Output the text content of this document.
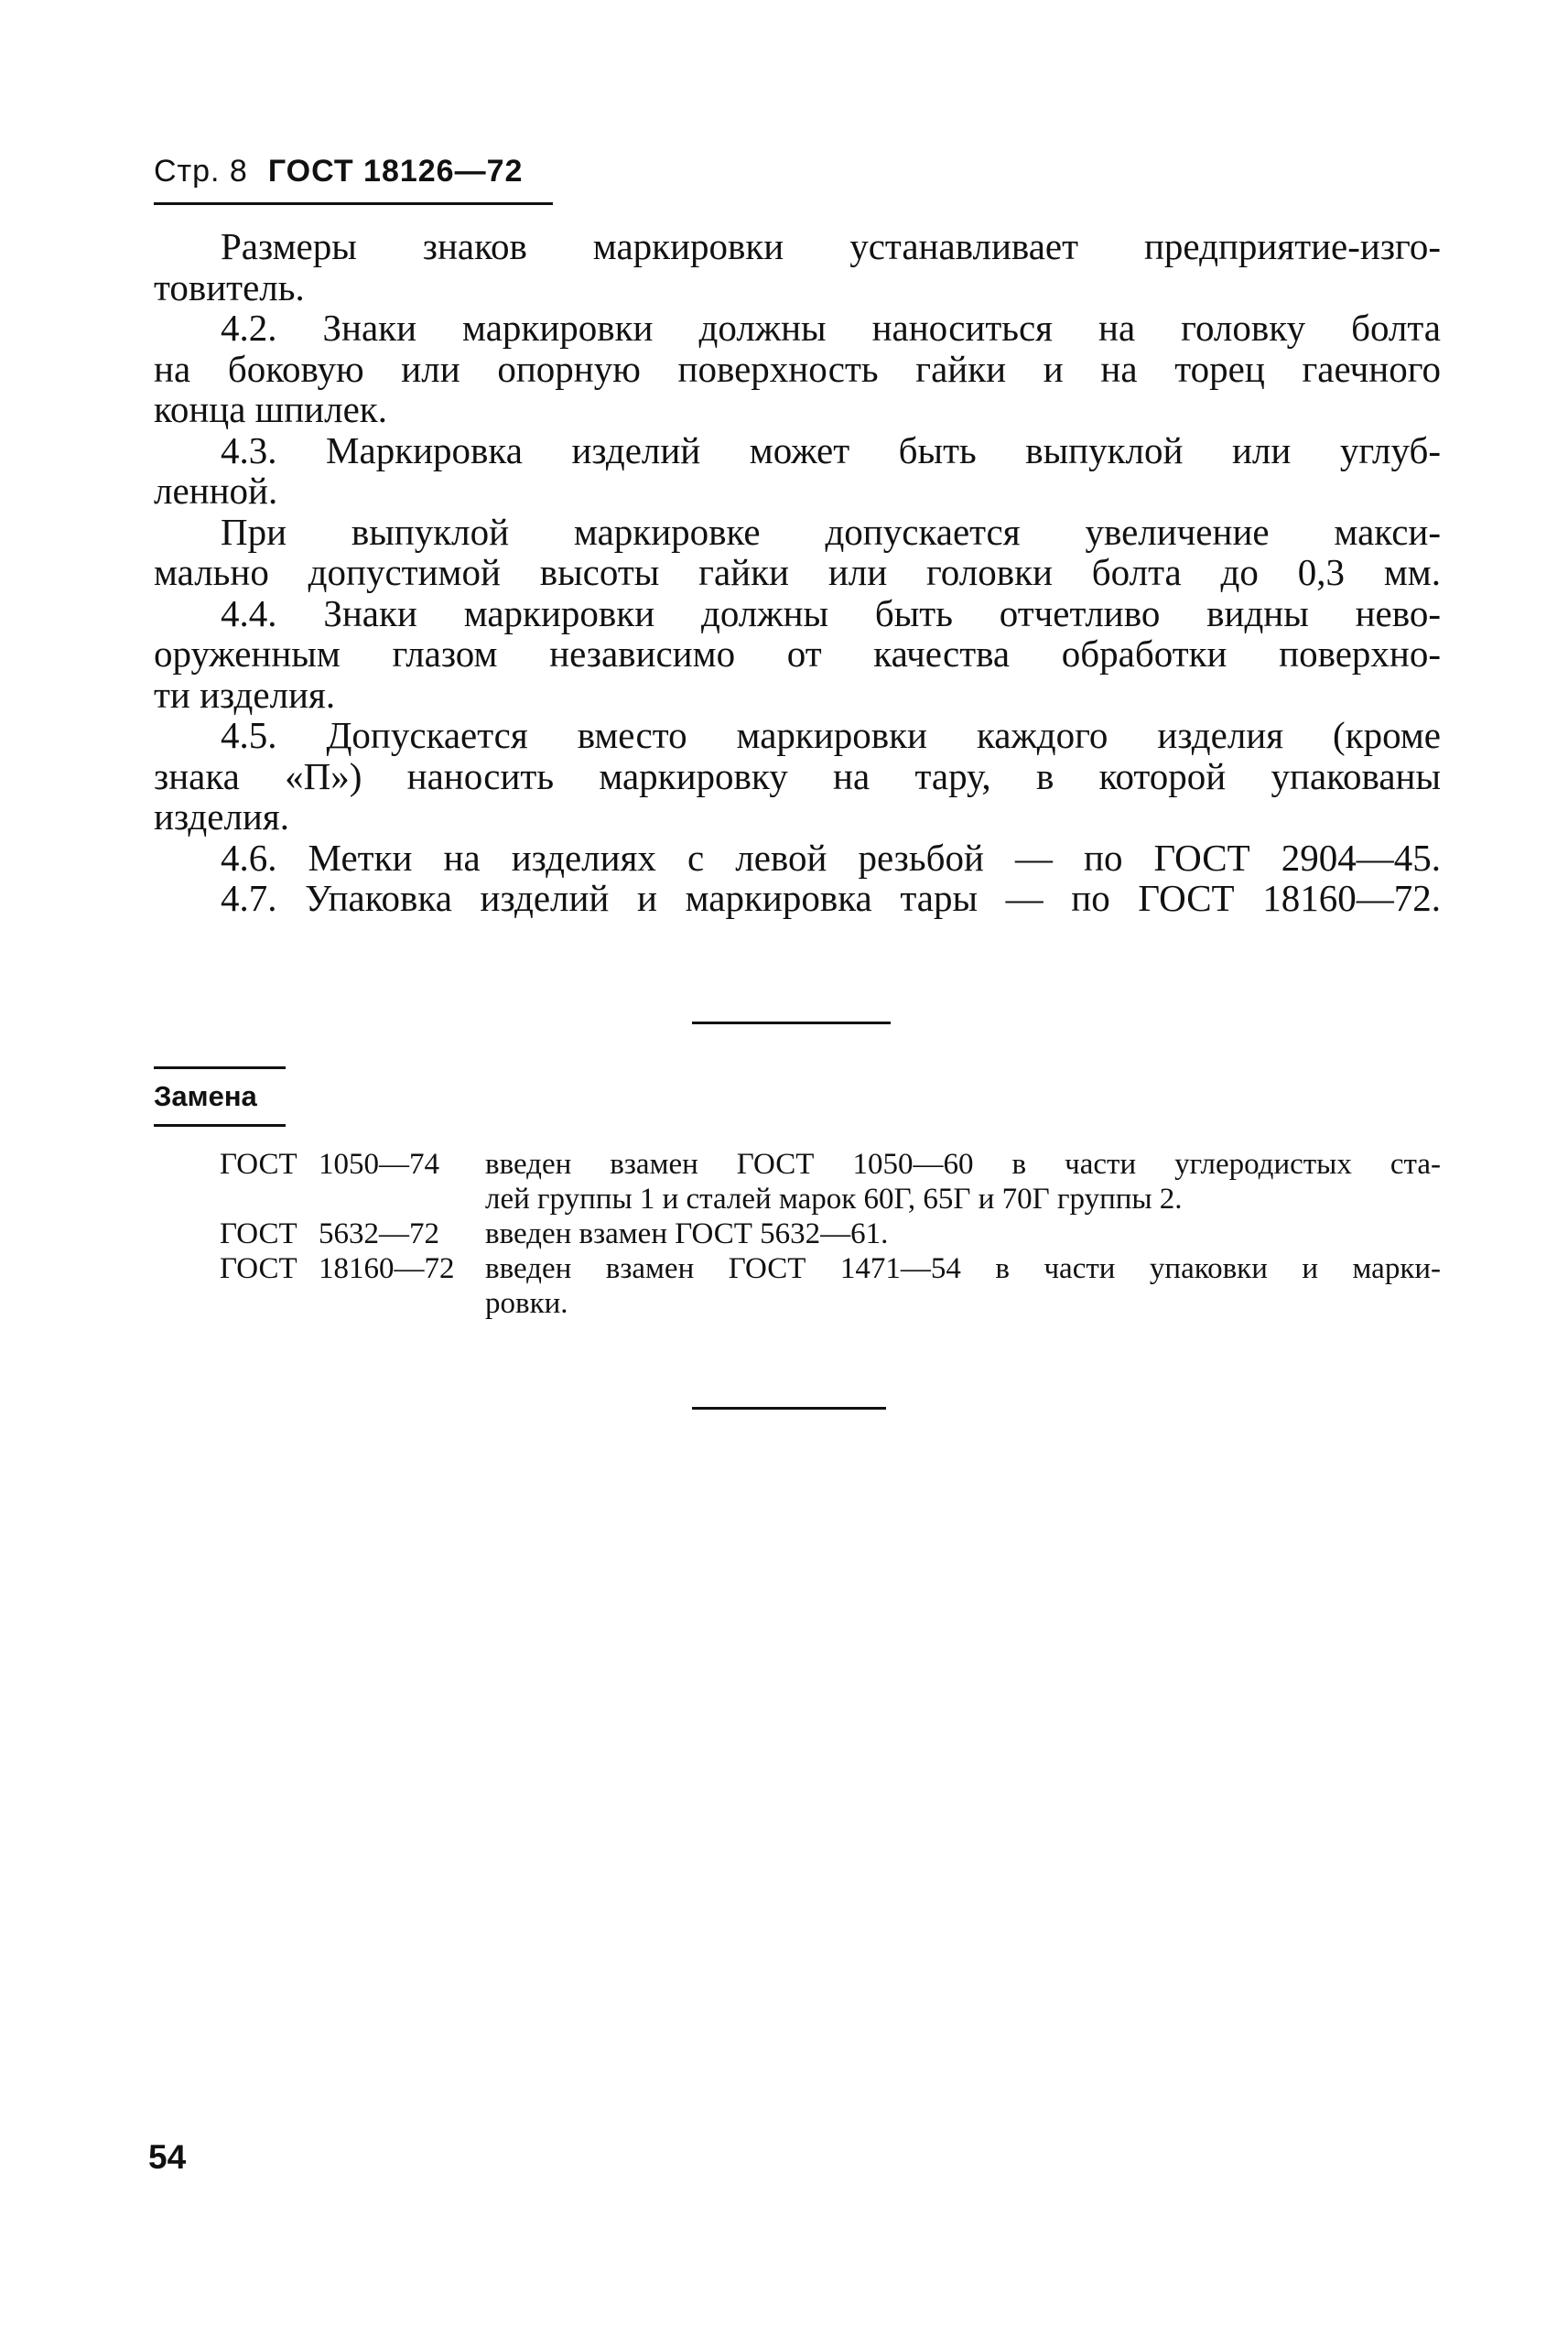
Стр. 8 ГОСТ 18126—72

Размеры знаков маркировки устанавливает предприятие-изго-
товитель.

4.2. Знаки маркировки должны наноситься на головку болта
на боковую или опорную поверхность гайки и на торец гаечного
конца шпилек.

4.3. Маркировка изделий может быть выпуклой или углуб-
ленной.

При выпуклой маркировке допускается увеличение макси-
мально допустимой высоты гайки или головки болта до 0,3 мм.

4.4. Знаки маркировки должны быть отчетливо видны нево-
оруженным глазом независимо от качества обработки поверхно-
ти изделия.

4.5. Допускается вместо маркировки каждого изделия (кроме
знака «П») наносить маркировку на тару, в которой упакованы
изделия.

4.6. Метки на изделиях с левой резьбой — по ГОСТ 2904—45.

4.7. Упаковка изделий и маркировка тары — по ГОСТ 18160—72.

Замена
ГОСТ 1050—74	введен взамен ГОСТ 1050—60 в части углеродистых ста-
лей группы 1 и сталей марок 60Г, 65Г и 70Г группы 2.
ГОСТ 5632—72	введен взамен ГОСТ 5632—61.
ГОСТ 18160—72	введен взамен ГОСТ 1471—54 в части упаковки и марки-
ровки.
54
